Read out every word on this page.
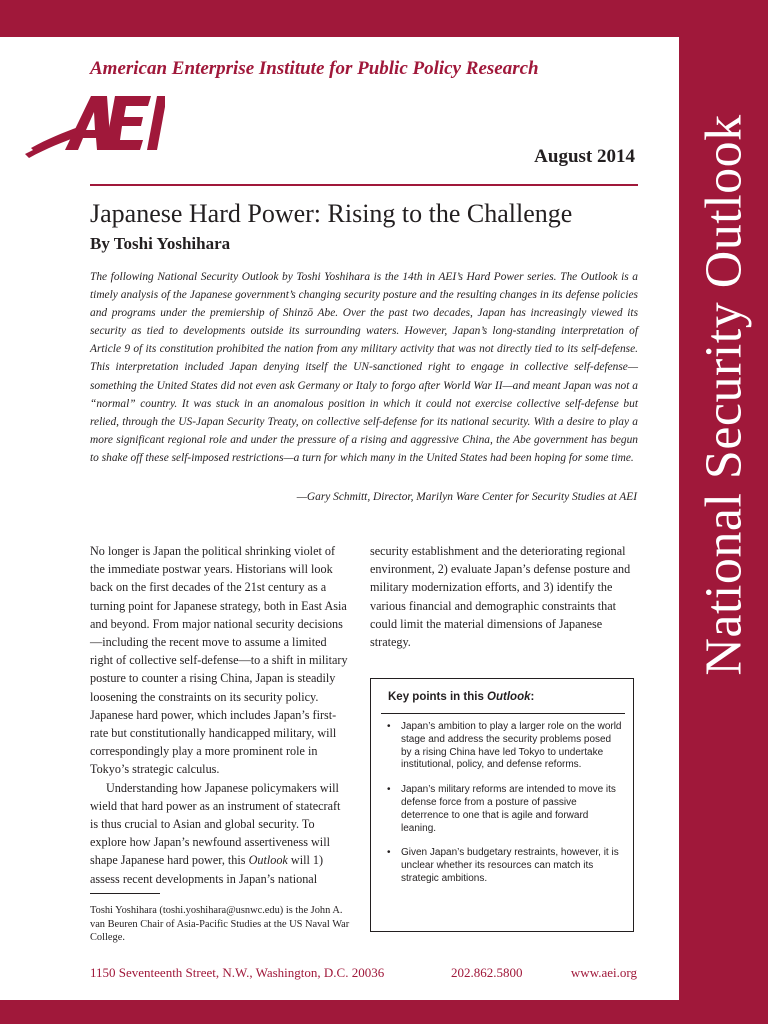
National Security Outlook
American Enterprise Institute for Public Policy Research
August 2014
Japanese Hard Power: Rising to the Challenge
By Toshi Yoshihara
The following National Security Outlook by Toshi Yoshihara is the 14th in AEI’s Hard Power series. The Outlook is a timely analysis of the Japanese government’s changing security posture and the resulting changes in its defense policies and programs under the premiership of Shinzō Abe. Over the past two decades, Japan has increasingly viewed its security as tied to developments outside its surrounding waters. However, Japan’s long-standing interpretation of Article 9 of its constitution prohibited the nation from any military activity that was not directly tied to its self-defense. This interpretation included Japan denying itself the UN-sanctioned right to engage in collective self-defense—something the United States did not even ask Germany or Italy to forgo after World War II—and meant Japan was not a “normal” country. It was stuck in an anomalous position in which it could not exercise collective self-defense but relied, through the US-Japan Security Treaty, on collective self-defense for its national security. With a desire to play a more significant regional role and under the pressure of a rising and aggressive China, the Abe government has begun to shake off these self-imposed restrictions—a turn for which many in the United States had been hoping for some time.
—Gary Schmitt, Director, Marilyn Ware Center for Security Studies at AEI

No longer is Japan the political shrinking violet of the immediate postwar years. Historians will look back on the first decades of the 21st century as a turning point for Japanese strategy, both in East Asia and beyond. From major national security decisions—including the recent move to assume a limited right of collective self-defense—to a shift in military posture to counter a rising China, Japan is steadily loosening the constraints on its security policy. Japanese hard power, which includes Japan’s first-rate but constitutionally handicapped military, will correspondingly play a more prominent role in Tokyo’s strategic calculus.

Understanding how Japanese policymakers will wield that hard power as an instrument of statecraft is thus crucial to Asian and global security. To explore how Japan’s newfound assertiveness will shape Japanese hard power, this Outlook will 1) assess recent developments in Japan’s national

security establishment and the deteriorating regional environment, 2) evaluate Japan’s defense posture and military modernization efforts, and 3) identify the various financial and demographic constraints that could limit the material dimensions of Japanese strategy.

Toshi Yoshihara (toshi.yoshihara@usnwc.edu) is the John A. van Beuren Chair of Asia-Pacific Studies at the US Naval War College.
Key points in this Outlook:
• Japan’s ambition to play a larger role on the world stage and address the security problems posed by a rising China have led Tokyo to undertake institutional, policy, and defense reforms.
• Japan’s military reforms are intended to move its defense force from a posture of passive deterrence to one that is agile and forward leaning.
• Given Japan’s budgetary restraints, however, it is unclear whether its resources can match its strategic ambitions.
1150 Seventeenth Street, N.W., Washington, D.C. 20036	202.862.5800	www.aei.org
